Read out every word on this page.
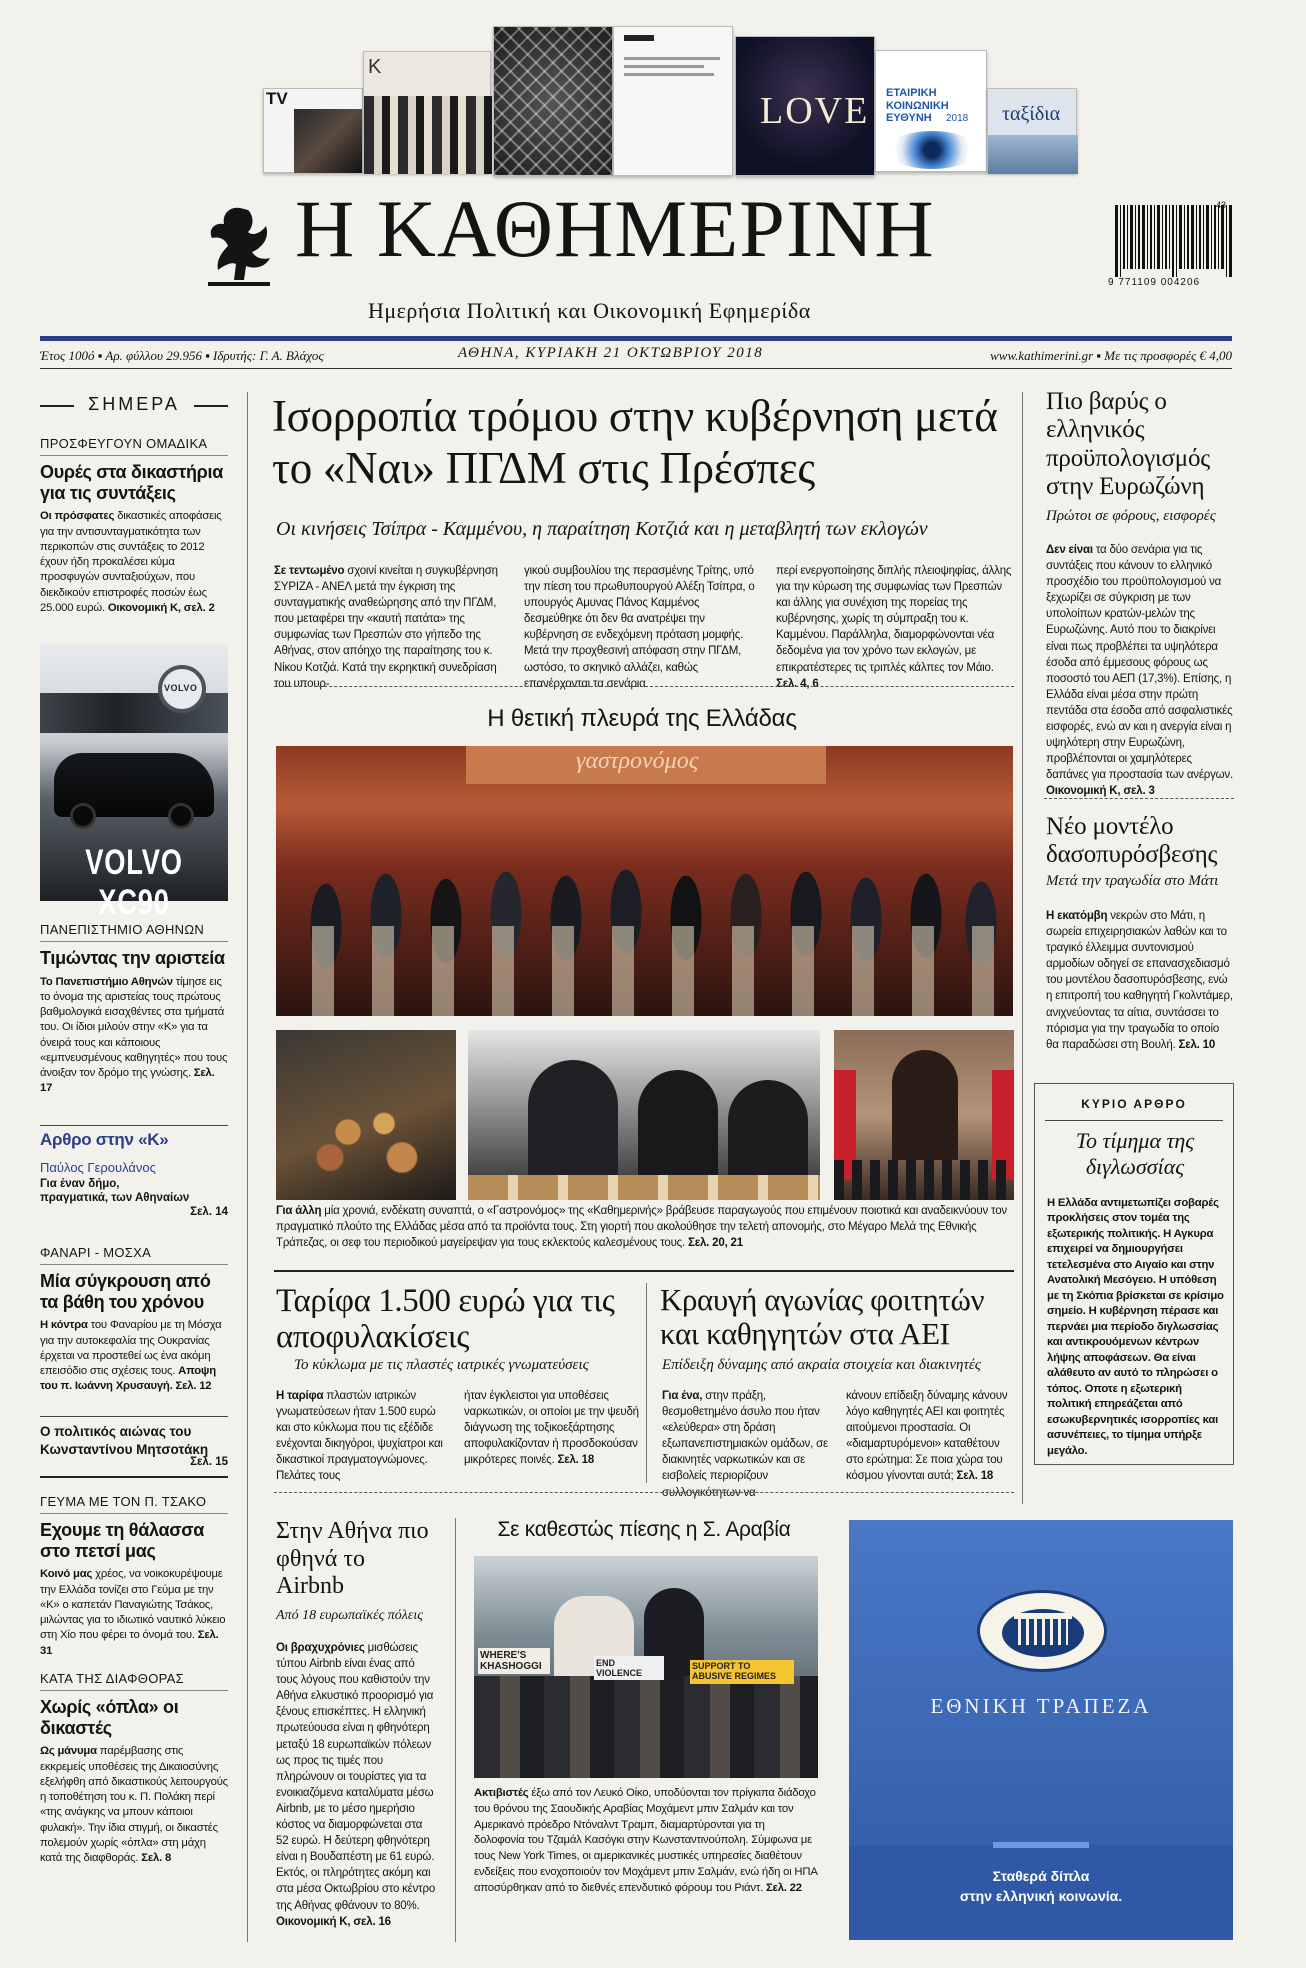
TV
K
LOVE ΕΤΑΙΡΙΚΗ ΚΟΙΝΩΝΙΚΗ ΕΥΘΥΝΗ	2018 ταξίδια
Η ΚΑΘΗΜΕΡΙΝΗ
Ημερήσια Πολιτική και Οικονομική Εφημερίδα
43
9 771109 004206
Έτος 100ό ▪ Αρ. φύλλου 29.956 ▪ Ιδρυτής: Γ. Α. Βλάχος	ΑΘΗΝΑ, ΚΥΡΙΑΚΗ 21 ΟΚΤΩΒΡΙΟΥ 2018	www.kathimerini.gr ▪ Με τις προσφορές € 4,00
ΣΗΜΕΡΑ
ΠΡΟΣΦΕΥΓΟΥΝ ΟΜΑΔΙΚΑ
Ουρές στα δικαστήρια για τις συντάξεις
Οι πρόσφατες δικαστικές αποφάσεις για την αντισυνταγματικότητα των περικοπών στις συντάξεις το 2012 έχουν ήδη προκαλέσει κύμα προσφυγών συνταξιούχων, που διεκδικούν επιστροφές ποσών έως 25.000 ευρώ. Οικονομική Κ, σελ. 2
VOLVO
VOLVO XC90
ΠΑΝΕΠΙΣΤΗΜΙΟ ΑΘΗΝΩΝ
Τιμώντας την αριστεία
Το Πανεπιστήμιο Αθηνών τίμησε εις το όνομα της αριστείας τους πρώτους βαθμολογικά εισαχθέντες στα τμήματά του. Οι ίδιοι μιλούν στην «Κ» για τα όνειρά τους και κάποιους «εμπνευσμένους καθηγητές» που τους άνοιξαν τον δρόμο της γνώσης. Σελ. 17
Αρθρο στην «Κ»
Παύλος Γερουλάνος
Για έναν δήμο, πραγματικά, των Αθηναίων
Σελ. 14
ΦΑΝΑΡΙ - ΜΟΣΧΑ
Μία σύγκρουση από τα βάθη του χρόνου
Η κόντρα του Φαναρίου με τη Μόσχα για την αυτοκεφαλία της Ουκρανίας έρχεται να προστεθεί ως ένα ακόμη επεισόδιο στις σχέσεις τους. Αποψη του π. Ιωάννη Χρυσαυγή. Σελ. 12
Ο πολιτικός αιώνας του Κωνσταντίνου Μητσοτάκη
Σελ. 15
ΓΕΥΜΑ ΜΕ ΤΟΝ Π. ΤΣΑΚΟ
Εχουμε τη θάλασσα στο πετσί μας
Κοινό μας χρέος, να νοικοκυρέψουμε την Ελλάδα τονίζει στο Γεύμα με την «Κ» ο καπετάν Παναγιώτης Τσάκος, μιλώντας για το ιδιωτικό ναυτικό λύκειο στη Χίο που φέρει το όνομά του. Σελ. 31
ΚΑΤΑ ΤΗΣ ΔΙΑΦΘΟΡΑΣ
Χωρίς «όπλα» οι δικαστές
Ως μάνυμα παρέμβασης στις εκκρεμείς υποθέσεις της Δικαιοσύνης εξελήφθη από δικαστικούς λειτουργούς η τοποθέτηση του κ. Π. Πολάκη περί «της ανάγκης να μπουν κάποιοι φυλακή». Την ίδια στιγμή, οι δικαστές πολεμούν χωρίς «όπλα» στη μάχη κατά της διαφθοράς. Σελ. 8
Ισορροπία τρόμου στην κυβέρνηση μετά το «Ναι» ΠΓΔΜ στις Πρέσπες
Οι κινήσεις Τσίπρα - Καμμένου, η παραίτηση Κοτζιά και η μεταβλητή των εκλογών
Σε τεντωμένο σχοινί κινείται η συγκυβέρνηση ΣΥΡΙΖΑ - ΑΝΕΛ μετά την έγκριση της συνταγματικής αναθεώρησης από την ΠΓΔΜ, που μεταφέρει την «καυτή πατάτα» της συμφωνίας των Πρεσπών στο γήπεδο της Αθήνας, στον απόηχο της παραίτησης του κ. Νίκου Κοτζιά. Κατά την εκρηκτική συνεδρίαση του υπουρ-
γικού συμβουλίου της περασμένης Τρίτης, υπό την πίεση του πρωθυπουργού Αλέξη Τσίπρα, ο υπουργός Αμυνας Πάνος Καμμένος δεσμεύθηκε ότι δεν θα ανατρέψει την κυβέρνηση σε ενδεχόμενη πρόταση μομφής. Μετά την προχθεσινή απόφαση στην ΠΓΔΜ, ωστόσο, το σκηνικό αλλάζει, καθώς επανέρχονται τα σενάρια
περί ενεργοποίησης διπλής πλειοψηφίας, άλλης για την κύρωση της συμφωνίας των Πρεσπών και άλλης για συνέχιση της πορείας της κυβέρνησης, χωρίς τη σύμπραξη του κ. Καμμένου. Παράλληλα, διαμορφώνονται νέα δεδομένα για τον χρόνο των εκλογών, με επικρατέστερες τις τριπλές κάλπες τον Μάιο. Σελ. 4, 6
Η θετική πλευρά της Ελλάδας
γαστρονόμος
Για άλλη μία χρονιά, ενδέκατη συναπτά, ο «Γαστρονόμος» της «Καθημερινής» βράβευσε παραγωγούς που επιμένουν ποιοτικά και αναδεικνύουν τον πραγματικό πλούτο της Ελλάδας μέσα από τα προϊόντα τους. Στη γιορτή που ακολούθησε την τελετή απονομής, στο Μέγαρο Μελά της Εθνικής Τράπεζας, οι σεφ του περιοδικού μαγείρεψαν για τους εκλεκτούς καλεσμένους τους. Σελ. 20, 21
Ταρίφα 1.500 ευρώ για τις αποφυλακίσεις
Το κύκλωμα με τις πλαστές ιατρικές γνωματεύσεις
Η ταρίφα πλαστών ιατρικών γνωματεύσεων ήταν 1.500 ευρώ και στο κύκλωμα που τις εξέδιδε ενέχονται δικηγόροι, ψυχίατροι και δικαστικοί πραγματογνώμονες. Πελάτες τους
ήταν έγκλειστοι για υποθέσεις ναρκωτικών, οι οποίοι με την ψευδή διάγνωση της τοξικοεξάρτησης αποφυλακίζονταν ή προσδοκούσαν μικρότερες ποινές. Σελ. 18
Κραυγή αγωνίας φοιτητών και καθηγητών στα ΑΕΙ
Επίδειξη δύναμης από ακραία στοιχεία και διακινητές
Για ένα, στην πράξη, θεσμοθετημένο άσυλο που ήταν «ελεύθερα» στη δράση εξωπανεπιστημιακών ομάδων, σε διακινητές ναρκωτικών και σε εισβολείς περιορίζουν συλλογικότητων να
κάνουν επίδειξη δύναμης κάνουν λόγο καθηγητές ΑΕΙ και φοιτητές αιτούμενοι προστασία. Οι «διαμαρτυρόμενοι» καταθέτουν στο ερώτημα: Σε ποια χώρα του κόσμου γίνονται αυτά; Σελ. 18
Στην Αθήνα πιο φθηνά το Airbnb
Από 18 ευρωπαϊκές πόλεις
Οι βραχυχρόνιες μισθώσεις τύπου Airbnb είναι ένας από τους λόγους που καθιστούν την Αθήνα ελκυστικό προορισμό για ξένους επισκέπτες. Η ελληνική πρωτεύουσα είναι η φθηνότερη μεταξύ 18 ευρωπαϊκών πόλεων ως προς τις τιμές που πληρώνουν οι τουρίστες για τα ενοικιαζόμενα καταλύματα μέσω Airbnb, με το μέσο ημερήσιο κόστος να διαμορφώνεται στα 52 ευρώ. Η δεύτερη φθηνότερη είναι η Βουδαπέστη με 61 ευρώ. Εκτός, οι πληρότητες ακόμη και στα μέσα Οκτωβρίου στο κέντρο της Αθήνας φθάνουν το 80%. Οικονομική Κ, σελ. 16
Σε καθεστώς πίεσης η Σ. Αραβία
WHERE'S KHASHOGGI	SUPPORT TO ABUSIVE REGIMES
END VIOLENCE
Ακτιβιστές έξω από τον Λευκό Οίκο, υποδύονται τον πρίγκιπα διάδοχο του θρόνου της Σαουδικής Αραβίας Μοχάμεντ μπιν Σαλμάν και τον Αμερικανό πρόεδρο Ντόναλντ Τραμπ, διαμαρτύρονται για τη δολοφονία του Τζαμάλ Κασόγκι στην Κωνσταντινούπολη. Σύμφωνα με τους New York Times, οι αμερικανικές μυστικές υπηρεσίες διαθέτουν ενδείξεις που ενοχοποιούν τον Μοχάμεντ μπιν Σαλμάν, ενώ ήδη οι ΗΠΑ αποσύρθηκαν από το διεθνές επενδυτικό φόρουμ του Ριάντ. Σελ. 22
Πιο βαρύς ο ελληνικός προϋπολογισμός στην Ευρωζώνη
Πρώτοι σε φόρους, εισφορές
Δεν είναι τα δύο σενάρια για τις συντάξεις που κάνουν το ελληνικό προσχέδιο του προϋπολογισμού να ξεχωρίζει σε σύγκριση με των υπολοίπων κρατών-μελών της Ευρωζώνης. Αυτό που το διακρίνει είναι πως προβλέπει τα υψηλότερα έσοδα από έμμεσους φόρους ως ποσοστό του ΑΕΠ (17,3%). Επίσης, η Ελλάδα είναι μέσα στην πρώτη πεντάδα στα έσοδα από ασφαλιστικές εισφορές, ενώ αν και η ανεργία είναι η υψηλότερη στην Ευρωζώνη, προβλέπονται οι χαμηλότερες δαπάνες για προστασία των ανέργων. Οικονομική Κ, σελ. 3
Νέο μοντέλο δασοπυρόσβεσης
Μετά την τραγωδία στο Μάτι
Η εκατόμβη νεκρών στο Μάτι, η σωρεία επιχειρησιακών λαθών και το τραγικό έλλειμμα συντονισμού αρμοδίων οδηγεί σε επανασχεδιασμό του μοντέλου δασοπυρόσβεσης, ενώ η επιτροπή του καθηγητή Γκολντάμερ, ανιχνεύοντας τα αίτια, συντάσσει το πόρισμα για την τραγωδία το οποίο θα παραδώσει στη Βουλή. Σελ. 10
ΚΥΡΙΟ ΑΡΘΡΟ
Το τίμημα της διγλωσσίας
Η Ελλάδα αντιμετωπίζει σοβαρές προκλήσεις στον τομέα της εξωτερικής πολιτικής. Η Αγκυρα επιχειρεί να δημιουργήσει τετελεσμένα στο Αιγαίο και στην Ανατολική Μεσόγειο. Η υπόθεση με τη Σκόπια βρίσκεται σε κρίσιμο σημείο. Η κυβέρνηση πέρασε και περνάει μια περίοδο διγλωσσίας και αντικρουόμενων κέντρων λήψης αποφάσεων. Θα είναι αλάθευτο αν αυτό το πληρώσει ο τόπος. Οποτε η εξωτερική πολιτική επηρεάζεται από εσωκυβερνητικές ισορροπίες και ασυνέπειες, το τίμημα υπήρξε μεγάλο.
ΕΘΝΙΚΗ ΤΡΑΠΕΖΑ
Σταθερά δίπλα
στην ελληνική κοινωνία.
